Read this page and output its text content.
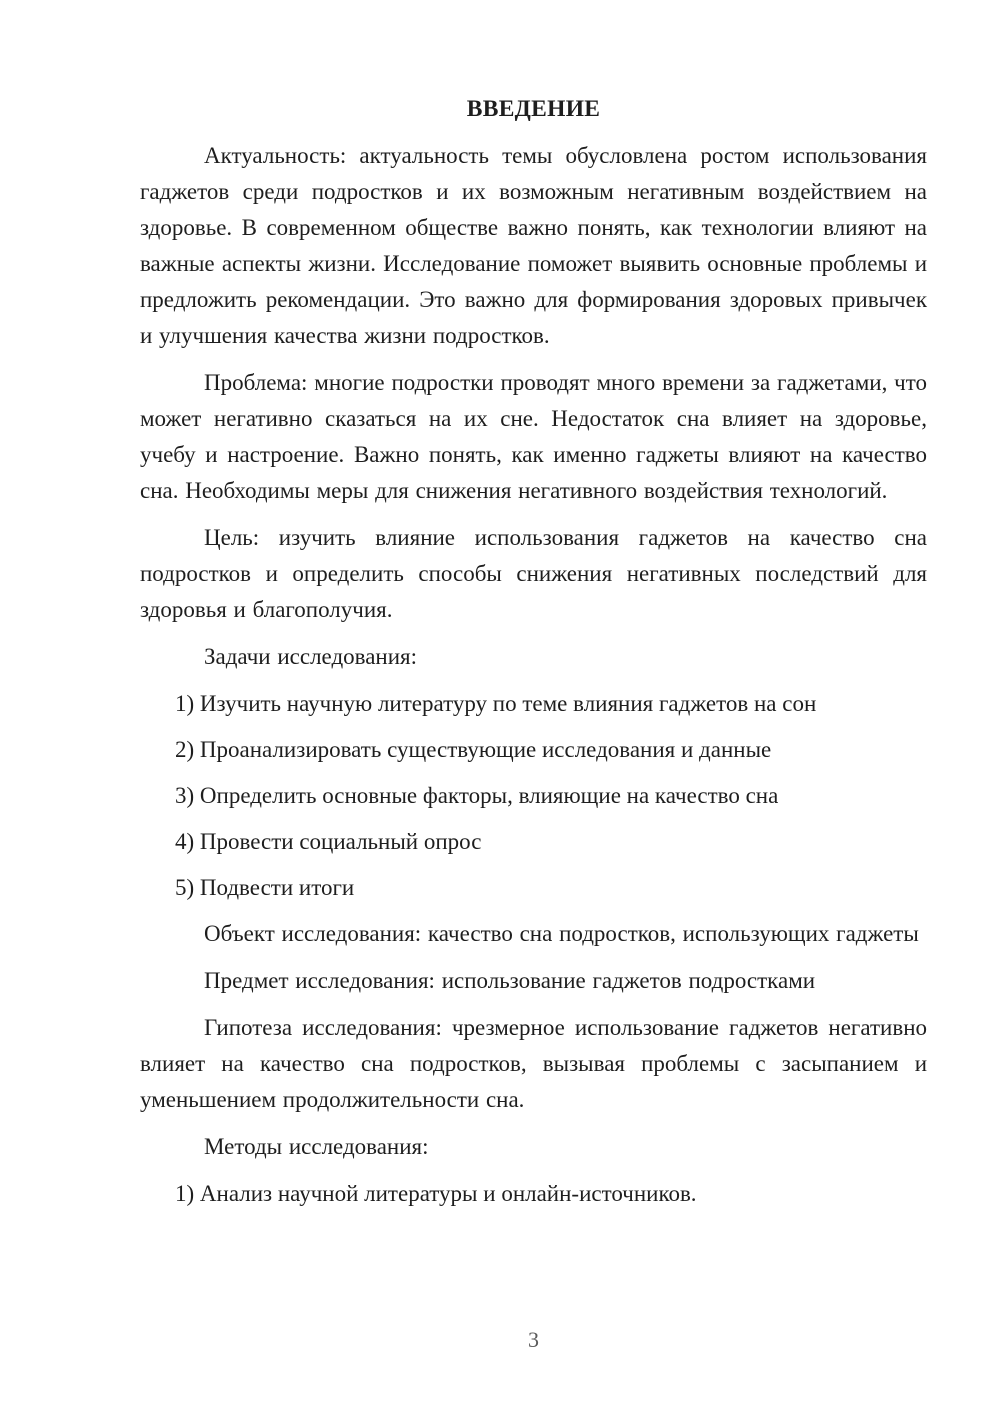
ВВЕДЕНИЕ

Актуальность: актуальность темы обусловлена ростом использования гаджетов среди подростков и их возможным негативным воздействием на здоровье. В современном обществе важно понять, как технологии влияют на важные аспекты жизни. Исследование поможет выявить основные проблемы и предложить рекомендации. Это важно для формирования здоровых привычек и улучшения качества жизни подростков.

Проблема: многие подростки проводят много времени за гаджетами, что может негативно сказаться на их сне. Недостаток сна влияет на здоровье, учебу и настроение. Важно понять, как именно гаджеты влияют на качество сна. Необходимы меры для снижения негативного воздействия технологий.

Цель: изучить влияние использования гаджетов на качество сна подростков и определить способы снижения негативных последствий для здоровья и благополучия.

Задачи исследования:

1) Изучить научную литературу по теме влияния гаджетов на сон
2) Проанализировать существующие исследования и данные
3) Определить основные факторы, влияющие на качество сна
4) Провести социальный опрос
5) Подвести итоги

Объект исследования: качество сна подростков, использующих гаджеты

Предмет исследования: использование гаджетов подростками

Гипотеза исследования: чрезмерное использование гаджетов негативно влияет на качество сна подростков, вызывая проблемы с засыпанием и уменьшением продолжительности сна.

Методы исследования:

1) Анализ научной литературы и онлайн-источников.
3
